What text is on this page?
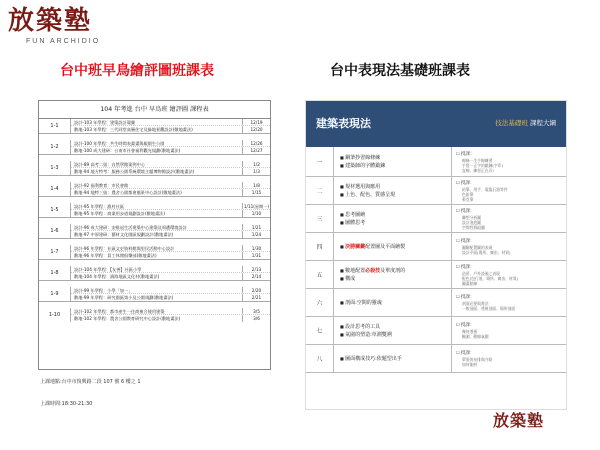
放築塾
FUN ARCHIDIO
台中班早鳥繪評圖班課表	台中表現法基礎班課表
104 年考進 台中 早鳥班 繪評圖 課程表
1-1
設計-103 年學程：建築設計競賽	12/19
敷地-103 年學程：三代同堂高層住宅及綠地景觀設計(敷地畫法)	12/20
1-2
設計-100 年學程：共生時間表畫畫與親園生公園	12/26
敷地-100 成大建研：台南市社會福利觀光規劃(敷地畫法)	12/27
1-3
設計-89 高考二級：自然學館案例中心	1/2
敷地-94 地方特考：服務公園系統環境主題博物館設計(敷地畫法)	1/3
1-4
設計-92 福利教育：市民會館	1/8
敷地-94 地特三級：農舍公園都會風景中心設計(敷地畫法)	1/15
1-5
設計-95 年學程：漁村社區	1/11(星期一)
敷地-95 年學程：商業用步道規劃設計(敷地畫法)	1/10
1-6
設計-96 成大建研：安排退生活建築中心建築及周遭環境設計	1/21
敷地-97 中原建研：藝材文化園區規劃設計(敷地畫法)	1/24
1-7
設計-96 年學程：社區文史資料館與里民活動中心設計	1/30
敷地-96 年學程：員工休閒俱樂部(敷地畫法)	1/31
1-8
設計-104 年學程：【友善】社區小學	2/13
敷地-104 年學程：濱海地區文化村(敷地畫法)	2/14
1-9
設計-99 年學程：小學「加一」	2/20
敷地-99 年學程：研究園區第小及公園規劃(敷地畫法)	2/21
1-10
設計-102 年學程：都市產生一住商複合使用建築	3/5
敷地-102 年學程：農舍公園教育研究中心設計(敷地畫法)	3/6
上課地點:台中市復興路二段 107 號 6 樓之 1
上課時間:18:30-21:30
建築表現法	技法基礎班 課程大綱
一
■ 鋼筆抄習線條練
■ 建築師的字體鍛鍊
☐ 授課：
線條一生手線練習
手寫一正字的鍛鍊(字印)
直線、練習正在弄!
二
■ 規材選用與應用
■ 上色、配色、質感呈現
☐ 授課：
鉛筆、用手、電臨石器等件
色鉛筆
麥克筆
三
■ 思考圖繪
■ 圖體思考
☐ 授課：
聯想分析圖
設計泡泡圖
空間性群組圖
四	■ 決勝關鍵配置圖及平面繪製
☐ 授課：
圖解配置圖的表現
設計平面(場所、廣由、材質)
五
■ 數地配置必殺技及單度剖的
■ 構成
☐ 授課：
造景、戶外設施之表現
配色(包行道、場所、廣由、材質)
圖畫點線
六	■ 剖面:空間的靈魂
☐ 授課：
剖面必要與書法
一般剖面、透視剖面、場所剖面
七
■ 設計思考的工具
■ 氣圍的塑造:草測雙溯
☐ 授課：
幾何透視
軸測、動線氣圍
八	■ 圖面構成技巧:依題型出手
☐ 授課：
單張的布排與介紹
如何能幹
放築塾
